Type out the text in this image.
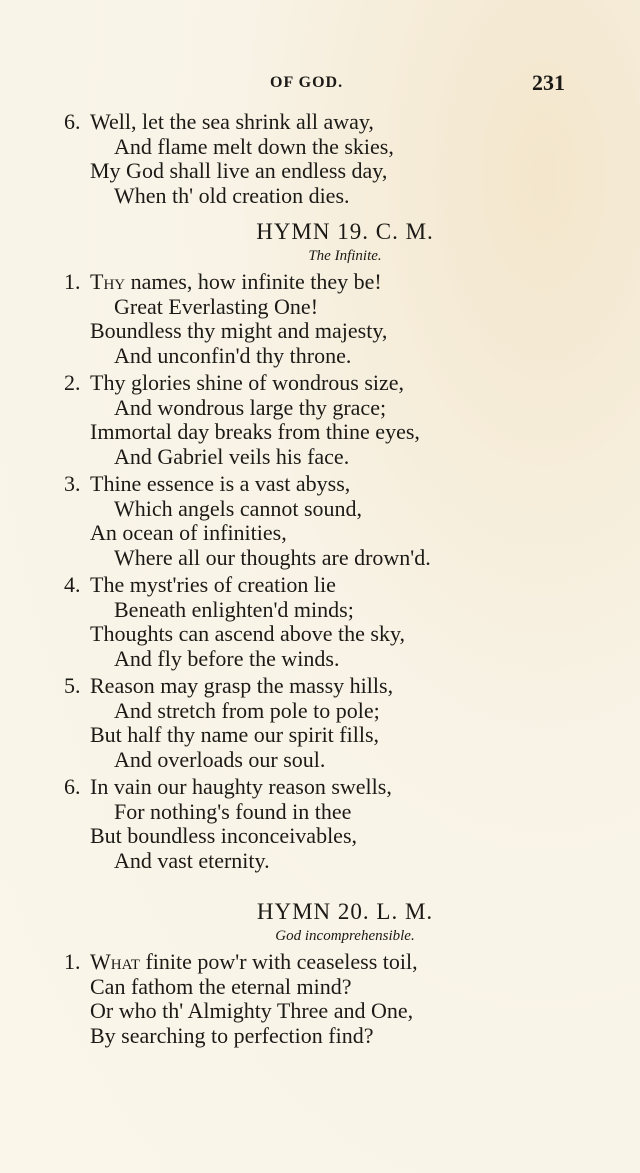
OF GOD.	231
6. Well, let the sea shrink all away,
And flame melt down the skies,
My God shall live an endless day,
When th' old creation dies.
HYMN 19. C. M.
The Infinite.
1. Thy names, how infinite they be!
Great Everlasting One!
Boundless thy might and majesty,
And unconfin'd thy throne.
2. Thy glories shine of wondrous size,
And wondrous large thy grace;
Immortal day breaks from thine eyes,
And Gabriel veils his face.
3. Thine essence is a vast abyss,
Which angels cannot sound,
An ocean of infinities,
Where all our thoughts are drown'd.
4. The myst'ries of creation lie
Beneath enlighten'd minds;
Thoughts can ascend above the sky,
And fly before the winds.
5. Reason may grasp the massy hills,
And stretch from pole to pole;
But half thy name our spirit fills,
And overloads our soul.
6. In vain our haughty reason swells,
For nothing's found in thee
But boundless inconceivables,
And vast eternity.
HYMN 20. L. M.
God incomprehensible.
1. What finite pow'r with ceaseless toil,
Can fathom the eternal mind?
Or who th' Almighty Three and One,
By searching to perfection find?
